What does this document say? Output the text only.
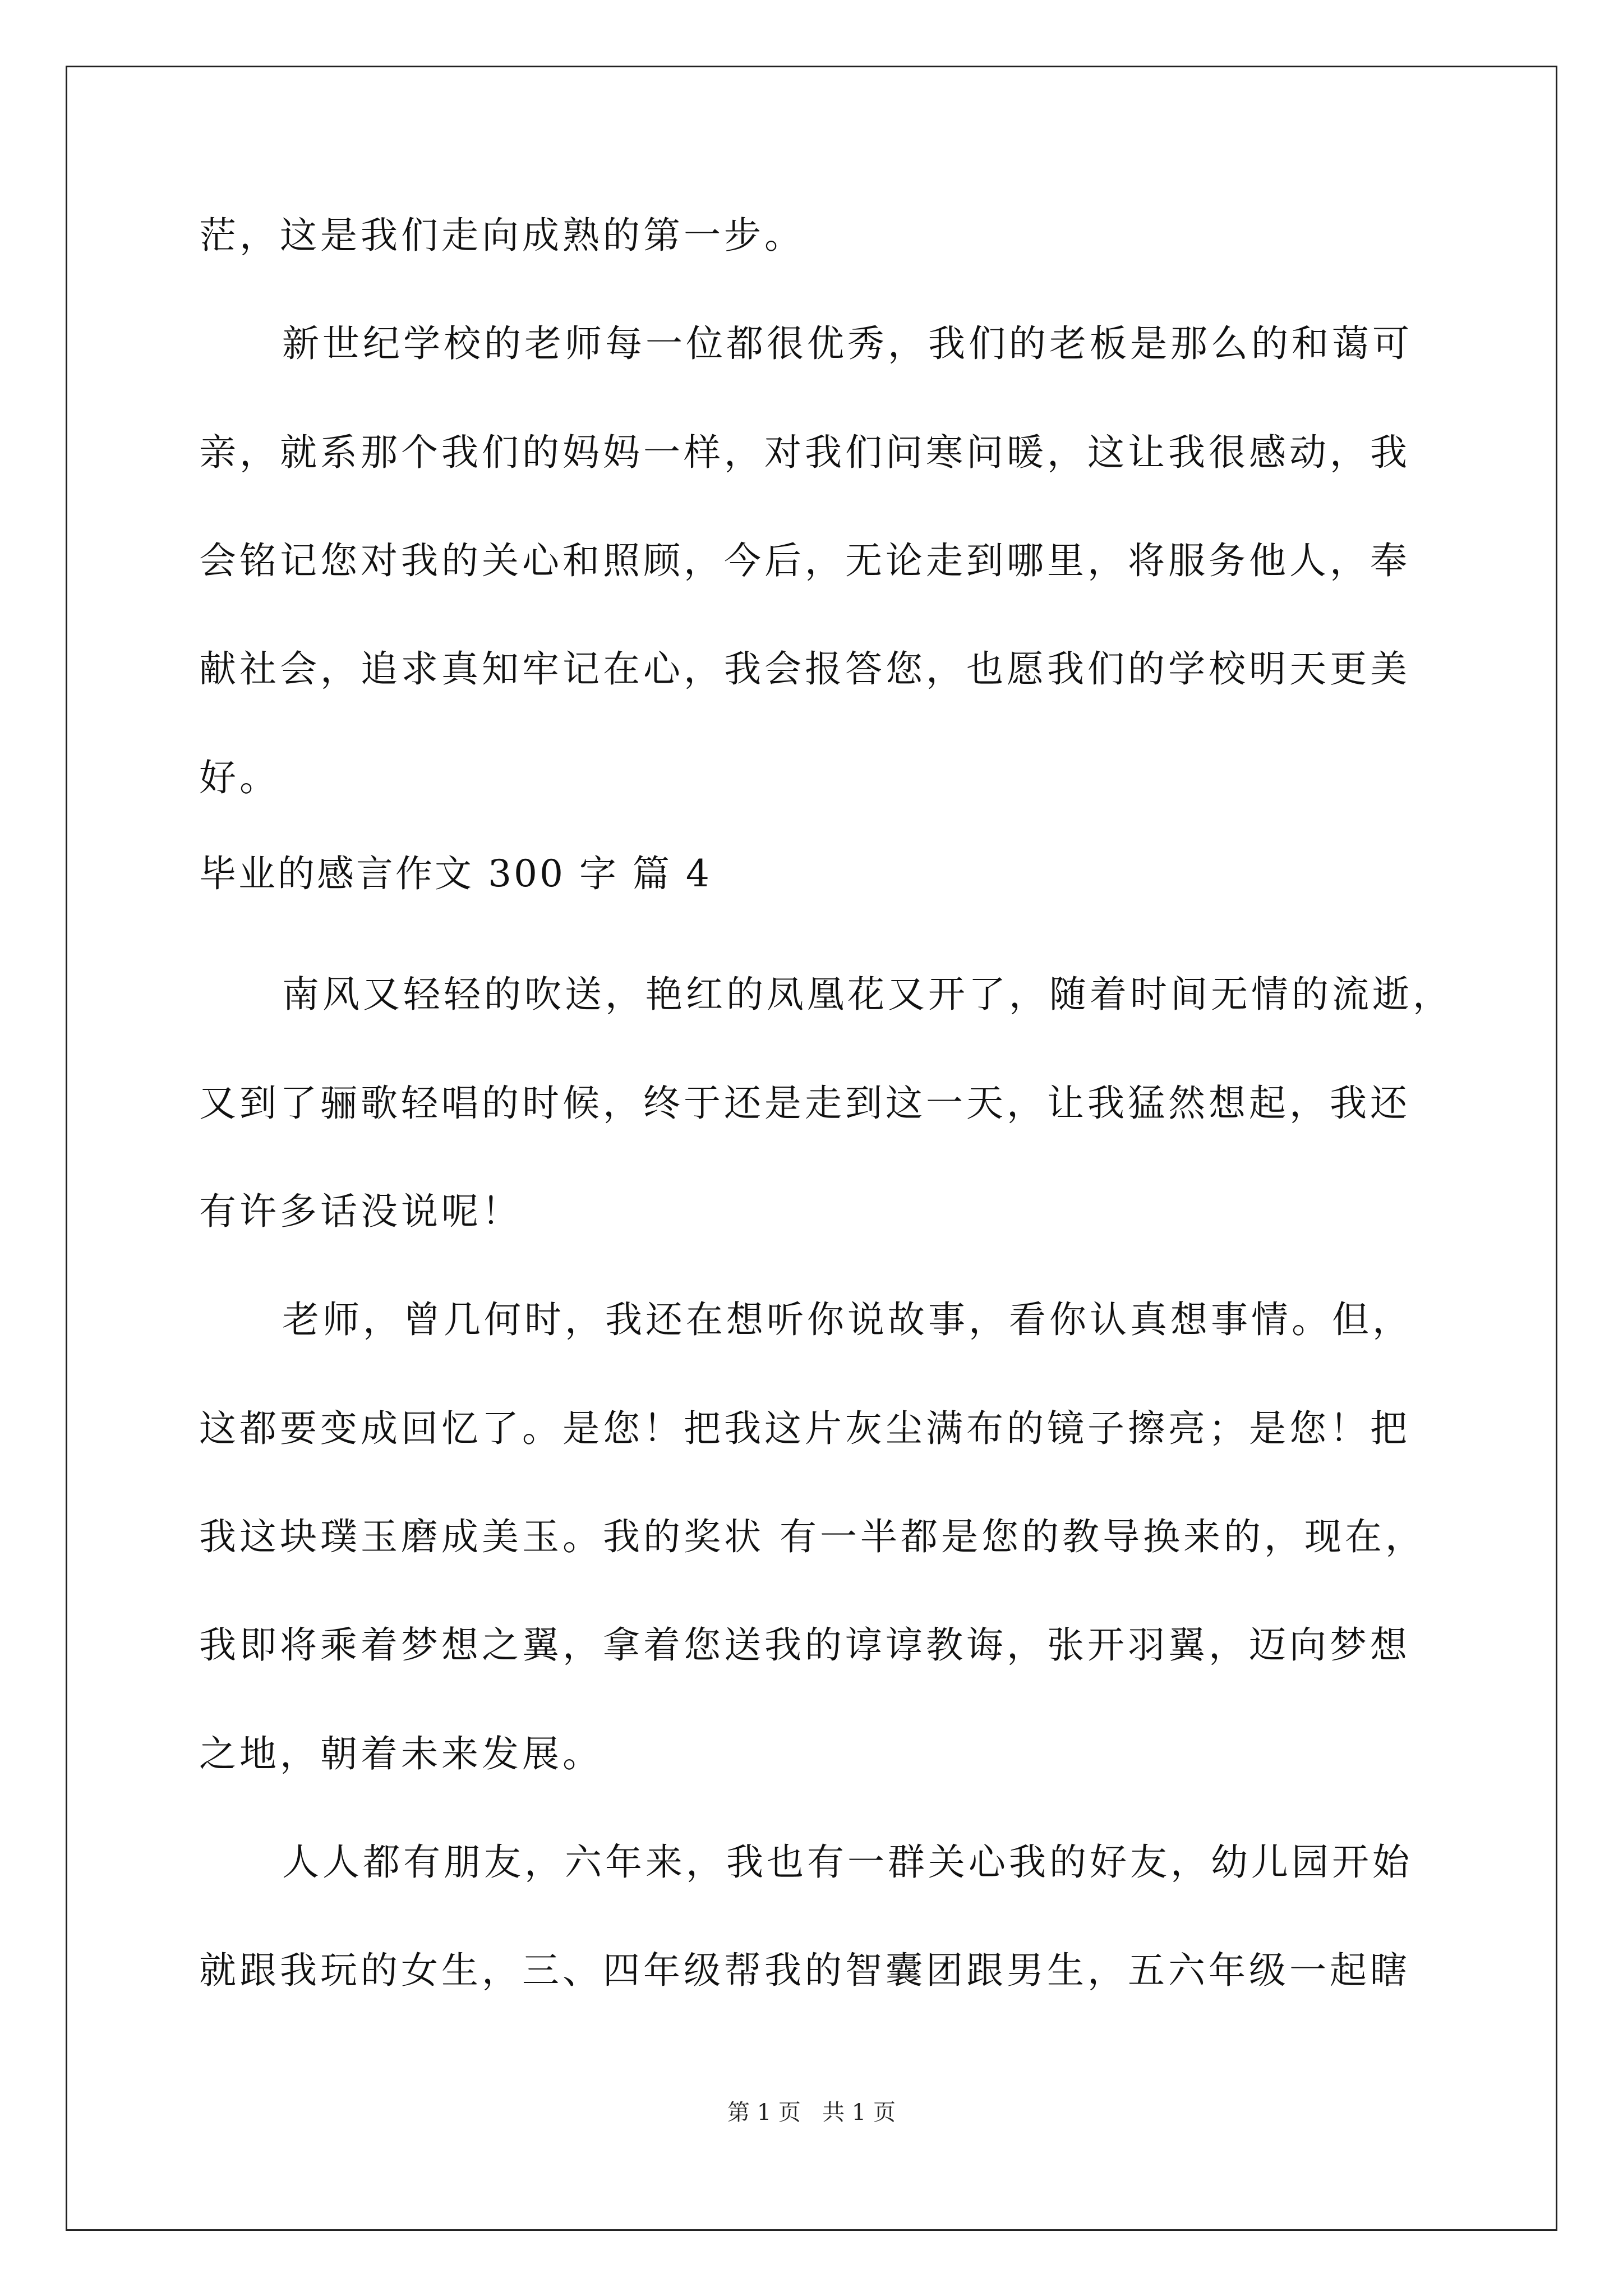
茫，这是我们走向成熟的第一步。
新世纪学校的老师每一位都很优秀，我们的老板是那么的和蔼可
亲，就系那个我们的妈妈一样，对我们问寒问暖，这让我很感动，我
会铭记您对我的关心和照顾，今后，无论走到哪里，将服务他人，奉
献社会，追求真知牢记在心，我会报答您，也愿我们的学校明天更美
好。
毕业的感言作文 300 字 篇 4
南风又轻轻的吹送，艳红的凤凰花又开了，随着时间无情的流逝，
又到了骊歌轻唱的时候，终于还是走到这一天，让我猛然想起，我还
有许多话没说呢！
老师，曾几何时，我还在想听你说故事，看你认真想事情。但，
这都要变成回忆了。是您！把我这片灰尘满布的镜子擦亮；是您！把
我这块璞玉磨成美玉。我的奖状 有一半都是您的教导换来的，现在，
我即将乘着梦想之翼，拿着您送我的谆谆教诲，张开羽翼，迈向梦想
之地，朝着未来发展。
人人都有朋友，六年来，我也有一群关心我的好友，幼儿园开始
就跟我玩的女生，三、四年级帮我的智囊团跟男生，五六年级一起瞎
第 1 页   共 1 页
